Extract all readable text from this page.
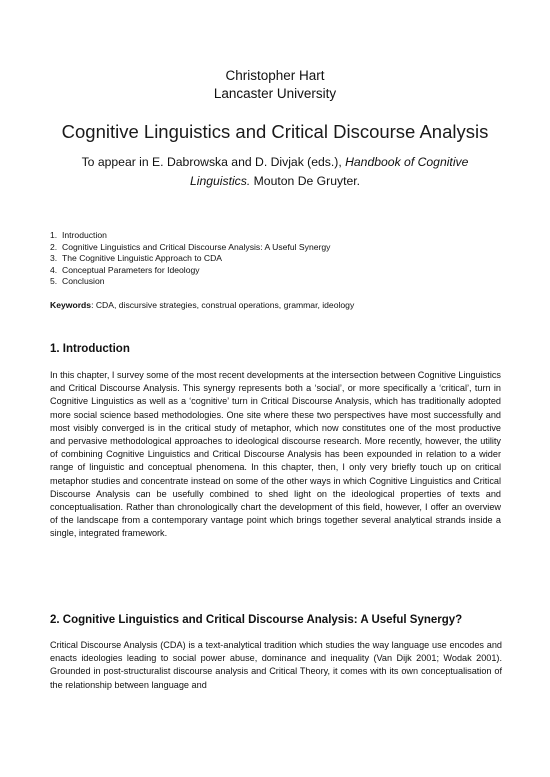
Christopher Hart
Lancaster University
Cognitive Linguistics and Critical Discourse Analysis
To appear in E. Dabrowska and D. Divjak (eds.), Handbook of Cognitive Linguistics. Mouton De Gruyter.
1. Introduction
2. Cognitive Linguistics and Critical Discourse Analysis: A Useful Synergy
3. The Cognitive Linguistic Approach to CDA
4. Conceptual Parameters for Ideology
5. Conclusion
Keywords: CDA, discursive strategies, construal operations, grammar, ideology
1. Introduction
In this chapter, I survey some of the most recent developments at the intersection between Cognitive Linguistics and Critical Discourse Analysis. This synergy represents both a ‘social’, or more specifically a ‘critical’, turn in Cognitive Linguistics as well as a ‘cognitive’ turn in Critical Discourse Analysis, which has traditionally adopted more social science based methodologies. One site where these two perspectives have most successfully and most visibly converged is in the critical study of metaphor, which now constitutes one of the most productive and pervasive methodological approaches to ideological discourse research. More recently, however, the utility of combining Cognitive Linguistics and Critical Discourse Analysis has been expounded in relation to a wider range of linguistic and conceptual phenomena. In this chapter, then, I only very briefly touch up on critical metaphor studies and concentrate instead on some of the other ways in which Cognitive Linguistics and Critical Discourse Analysis can be usefully combined to shed light on the ideological properties of texts and conceptualisation. Rather than chronologically chart the development of this field, however, I offer an overview of the landscape from a contemporary vantage point which brings together several analytical strands inside a single, integrated framework.
2. Cognitive Linguistics and Critical Discourse Analysis: A Useful Synergy?
Critical Discourse Analysis (CDA) is a text-analytical tradition which studies the way language use encodes and enacts ideologies leading to social power abuse, dominance and inequality (Van Dijk 2001; Wodak 2001). Grounded in post-structuralist discourse analysis and Critical Theory, it comes with its own conceptualisation of the relationship between language and
